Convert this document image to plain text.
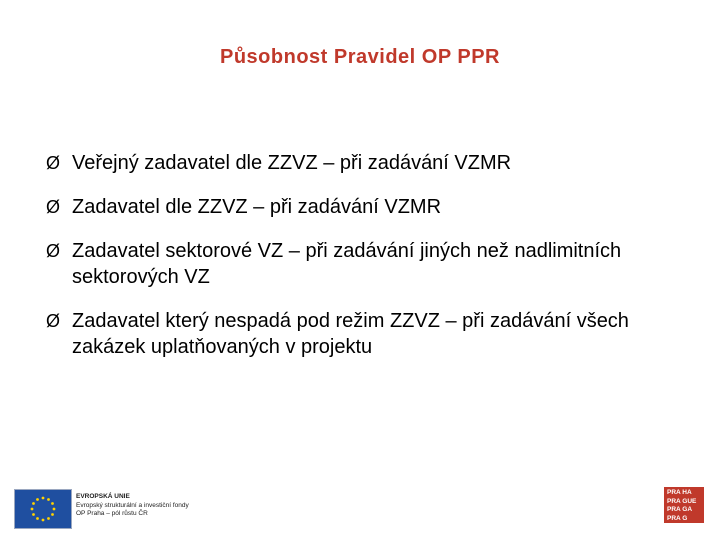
Působnost Pravidel OP PPR
Ø Veřejný zadavatel dle ZZVZ – při zadávání VZMR
Ø Zadavatel dle ZZVZ – při zadávání VZMR
Ø Zadavatel sektorové VZ – při zadávání jiných než nadlimitních sektorových VZ
Ø Zadavatel který nespadá pod režim ZZVZ – při zadávání všech zakázek uplatňovaných v projektu
EVROPSKÁ UNIE
Evropský strukturální a investiční fondy
OP Praha – pól růstu ČR
PRA HA
PRA GUE
PRA GA
PRA G
